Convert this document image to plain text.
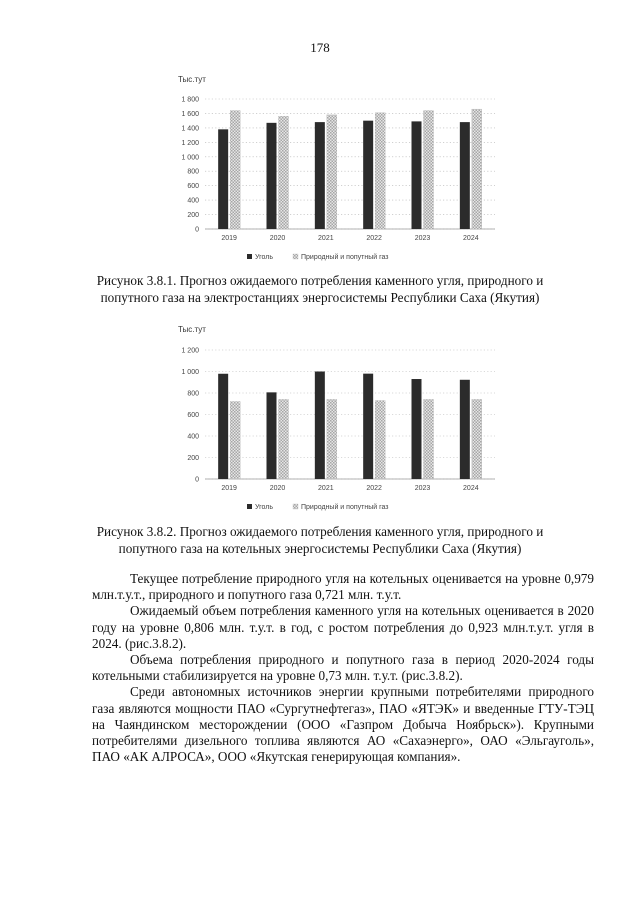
178
Тыс.тут
0
200
400
600
800
1 000
1 200
1 400
1 600
1 800
2019	2020	2021	2022	2023	2024
Уголь	Природный и попутный газ
Рисунок 3.8.1. Прогноз ожидаемого потребления каменного угля, природного и
попутного газа на электростанциях энергосистемы Республики Саха (Якутия)
Тыс.тут
0
200
400
600
800
1 000
1 200
2019	2020	2021	2022	2023	2024
Уголь	Природный и попутный газ
Рисунок 3.8.2. Прогноз ожидаемого потребления каменного угля, природного и
попутного газа на котельных энергосистемы Республики Саха (Якутия)

Текущее потребление природного угля на котельных оценивается на уровне 0,979 млн.т.у.т., природного и попутного газа 0,721 млн. т.у.т.

Ожидаемый объем потребления каменного угля на котельных оценивается в 2020 году на уровне 0,806 млн. т.у.т. в год, с ростом потребления до 0,923 млн.т.у.т. угля в 2024. (рис.3.8.2).

Объема потребления природного и попутного газа в период 2020-2024 годы котельными стабилизируется на уровне 0,73 млн. т.у.т. (рис.3.8.2).

Среди автономных источников энергии крупными потребителями природного газа являются мощности ПАО «Сургутнефтегаз», ПАО «ЯТЭК» и введенные ГТУ-ТЭЦ на Чаяндинском месторождении (ООО «Газпром Добыча Ноябрьск»). Крупными потребителями дизельного топлива являются АО «Сахаэнерго», ОАО «Эльгауголь», ПАО «АК АЛРОСА», ООО «Якутская генерирующая компания».
